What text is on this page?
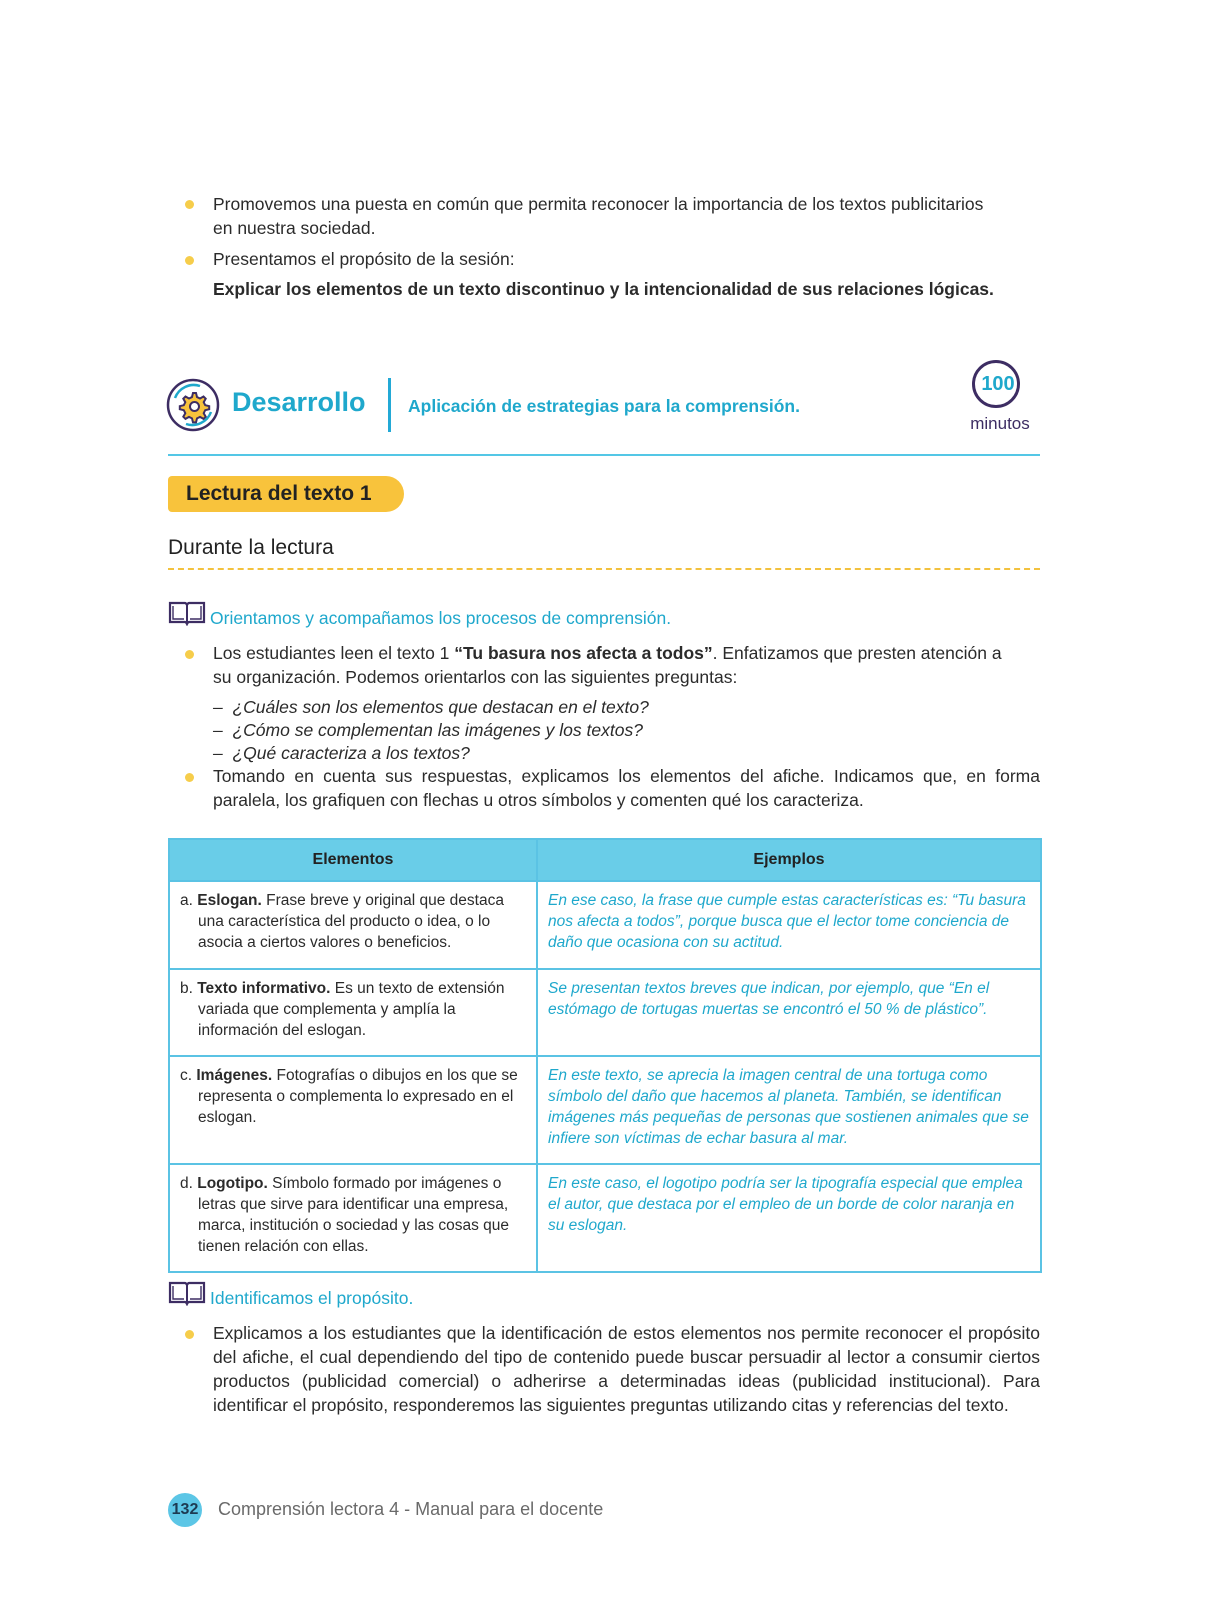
Promovemos una puesta en común que permita reconocer la importancia de los textos publicitarios
en nuestra sociedad.
Presentamos el propósito de la sesión:
Explicar los elementos de un texto discontinuo y la intencionalidad de sus relaciones lógicas.
Desarrollo Aplicación de estrategias para la comprensión.
100
minutos
Lectura del texto 1
Durante la lectura
Orientamos y acompañamos los procesos de comprensión.
Los estudiantes leen el texto 1 “Tu basura nos afecta a todos”. Enfatizamos que presten atención a
su organización. Podemos orientarlos con las siguientes preguntas:
–  ¿Cuáles son los elementos que destacan en el texto?
–  ¿Cómo se complementan las imágenes y los textos?
–  ¿Qué caracteriza a los textos?
Tomando en cuenta sus respuestas, explicamos los elementos del afiche. Indicamos que, en forma paralela, los grafiquen con flechas u otros símbolos y comenten qué los caracteriza.
Elementos	Ejemplos

a. Eslogan. Frase breve y original que destaca una característica del producto o idea, o lo asocia a ciertos valores o beneficios.	En ese caso, la frase que cumple estas características es: “Tu basura nos afecta a todos”, porque busca que el lector tome conciencia de daño que ocasiona con su actitud.

b. Texto informativo. Es un texto de extensión variada que complementa y amplía la información del eslogan.	Se presentan textos breves que indican, por ejemplo, que “En el estómago de tortugas muertas se encontró el 50 % de plástico”.

c. Imágenes. Fotografías o dibujos en los que se representa o complementa lo expresado en el eslogan.	En este texto, se aprecia la imagen central de una tortuga como símbolo del daño que hacemos al planeta. También, se identifican imágenes más pequeñas de personas que sostienen animales que se infiere son víctimas de echar basura al mar.

d. Logotipo. Símbolo formado por imágenes o letras que sirve para identificar una empresa, marca, institución o sociedad y las cosas que tienen relación con ellas.	En este caso, el logotipo podría ser la tipografía especial que emplea el autor, que destaca por el empleo de un borde de color naranja en su eslogan.
Identificamos el propósito.
Explicamos a los estudiantes que la identificación de estos elementos nos permite reconocer el propósito del afiche, el cual dependiendo del tipo de contenido puede buscar persuadir al lector a consumir ciertos productos (publicidad comercial) o adherirse a determinadas ideas (publicidad institucional). Para identificar el propósito, responderemos las siguientes preguntas utilizando citas y referencias del texto.
132	Comprensión lectora 4 - Manual para el docente
